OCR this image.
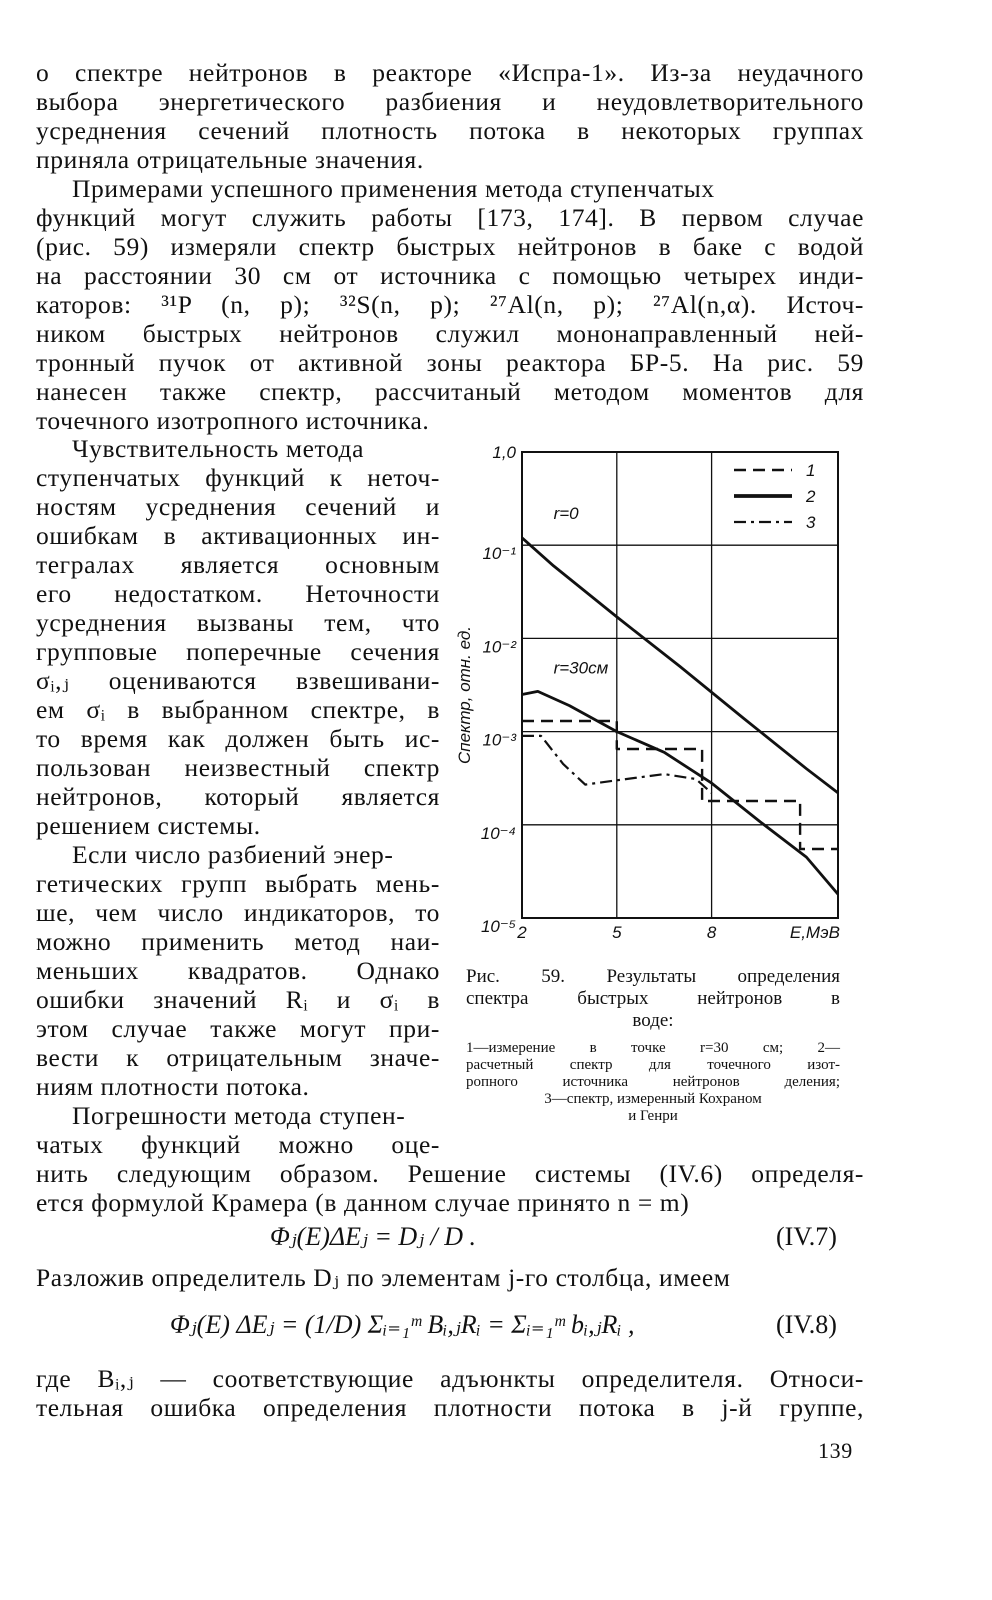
о спектре нейтронов в реакторе «Испра-1». Из-за неудачного
выбора энергетического разбиения и неудовлетворительного
усреднения сечений плотность потока в некоторых группах
приняла отрицательные значения.
Примерами успешного применения метода ступенчатых
функций могут служить работы [173, 174]. В первом случае
(рис. 59) измеряли спектр быстрых нейтронов в баке с водой
на расстоянии 30 см от источника с помощью четырех инди-
каторов: ³¹P (n, p); ³²S(n, p); ²⁷Al(n, p); ²⁷Al(n,α). Источ-
ником быстрых нейтронов служил мононаправленный ней-
тронный пучок от активной зоны реактора БР-5. На рис. 59
нанесен также спектр, рассчитаный методом моментов для
точечного изотропного источника.
Чувствительность метода
ступенчатых функций к неточ-
ностям усреднения сечений и
ошибкам в активационных ин-
тегралах является основным
его недостатком. Неточности
усреднения вызваны тем, что
групповые поперечные сечения
σᵢ,ⱼ оцениваются взвешивани-
ем σᵢ в выбранном спектре, в
то время как должен быть ис-
пользован неизвестный спектр
нейтронов, который является
решением системы.
Если число разбиений энер-
гетических групп выбрать мень-
ше, чем число индикаторов, то
можно применить метод наи-
меньших квадратов. Однако
ошибки значений Rᵢ и σᵢ в
этом случае также могут при-
вести к отрицательным значе-
ниям плотности потока.
Погрешности метода ступен-
чатых функций можно оце-
нить следующим образом. Решение системы (IV.6) определя-
ется формулой Крамера (в данном случае принято n = m)
Φⱼ(E)ΔEⱼ = Dⱼ / D .	(IV.7)
Разложив определитель Dⱼ по элементам j-го столбца, имеем
Φⱼ(E) ΔEⱼ = (1/D) Σᵢ₌₁ᵐ Bᵢ,ⱼRᵢ = Σᵢ₌₁ᵐ bᵢ,ⱼRᵢ ,	(IV.8)
где Bᵢ,ⱼ — соответствующие адъюнкты определителя. Относи-
тельная ошибка определения плотности потока в j-й группе,
139
1,0
10⁻¹
10⁻²
10⁻³
10⁻⁴
10⁻⁵ 2	5	8	Е,МэВ
Спектр, отн. ед.
r=0
r=30см
1
2
3
Рис. 59. Результаты определения
спектра быстрых нейтронов в
воде:
1—измерение в точке r=30 см; 2—
расчетный спектр для точечного изот-
ропного источника нейтронов деления;
3—спектр, измеренный Кохраном
и Генри
